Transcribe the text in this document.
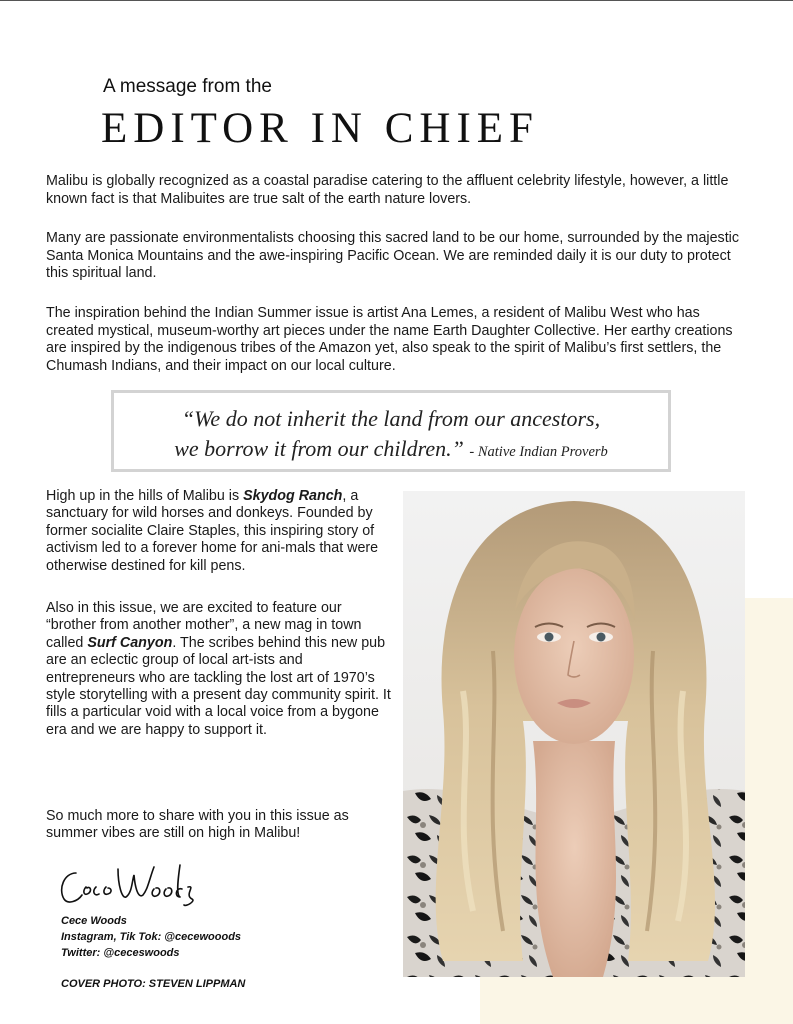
A message from the
EDITOR IN CHIEF

Malibu is globally recognized as a coastal paradise catering to the affluent celebrity lifestyle, however, a little known fact is that Malibuites are true salt of the earth nature lovers.

Many are passionate environmentalists choosing this sacred land to be our home, surrounded by the majestic Santa Monica Mountains and the awe-inspiring Pacific Ocean. We are reminded daily it is our duty to protect this spiritual land.

The inspiration behind the Indian Summer issue is artist Ana Lemes, a resident of Malibu West who has created mystical, museum-worthy art pieces under the name Earth Daughter Collective. Her earthy creations are inspired by the indigenous tribes of the Amazon yet, also speak to the spirit of Malibu’s first settlers, the Chumash Indians, and their impact on our local culture.

“We do not inherit the land from our ancestors,
we borrow it from our children.” - Native Indian Proverb

High up in the hills of Malibu is Skydog Ranch, a sanctuary for wild horses and donkeys. Founded by former socialite Claire Staples, this inspiring story of activism led to a forever home for ani-mals that were otherwise destined for kill pens.

Also in this issue, we are excited to feature our “brother from another mother”, a new mag in town called Surf Canyon. The scribes behind this new pub are an eclectic group of local art-ists and entrepreneurs who are tackling the lost art of 1970’s style storytelling with a present day community spirit. It fills a particular void with a local voice from a bygone era and we are happy to support it.

So much more to share with you in this issue as summer vibes are still on high in Malibu!

Cece Woods
Cece Woods
Instagram, Tik Tok: @cecewooods
Twitter: @ceceswoods
COVER PHOTO: STEVEN LIPPMAN
